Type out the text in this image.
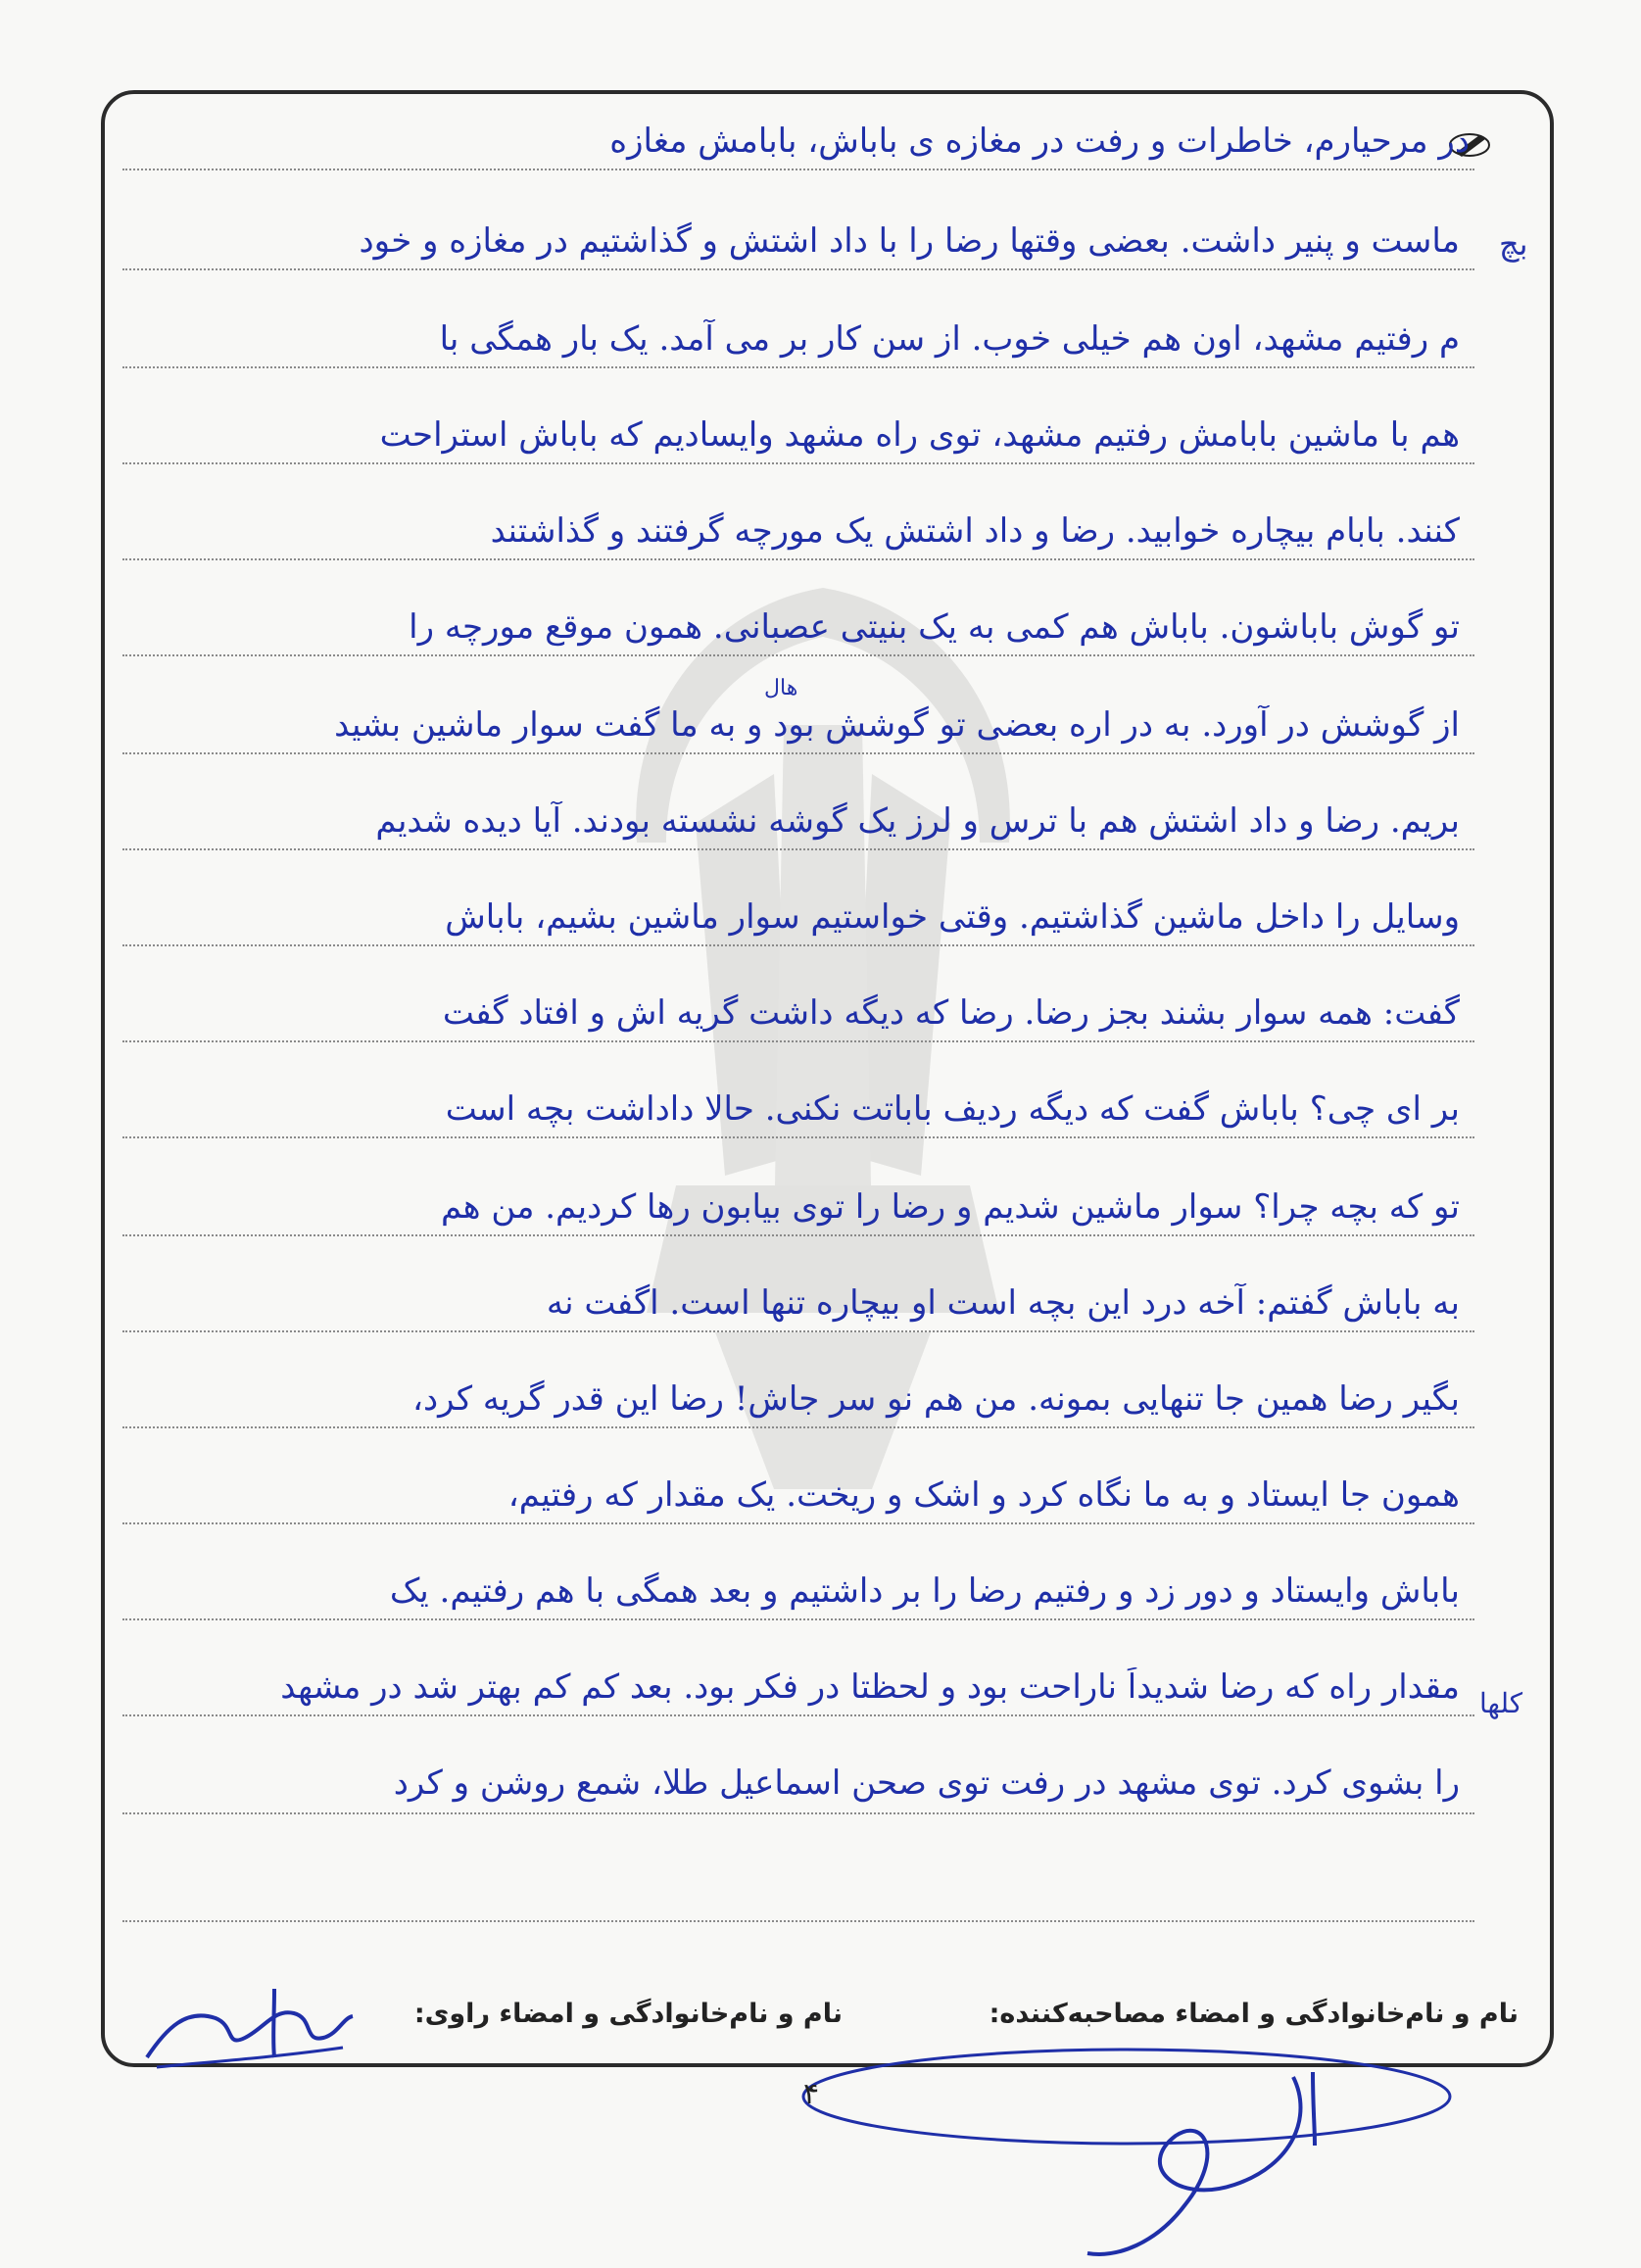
در مرحیارم، خاطرات و رفت در مغازه ی باباش، بابامش مغازه
ماست و پنیر داشت. بعضی وقتها رضا را با داد اشتش و گذاشتیم در مغازه و خود
م رفتیم مشهد، اون هم خیلی خوب. از سن کار بر می آمد. یک بار همگی با
هم با ماشین بابامش رفتیم مشهد، توی راه مشهد وایسادیم که باباش استراحت
کنند. بابام بیچاره خوابید. رضا و داد اشتش یک مورچه گرفتند و گذاشتند
تو گوش باباشون. باباش هم کمی به یک بنیتی عصبانی. همون موقع مورچه را
از گوشش در آورد. به در اره بعضی تو گوشش بود و به ما گفت سوار ماشین بشید
بریم. رضا و داد اشتش هم با ترس و لرز یک گوشه نشسته بودند. آیا دیده شدیم
وسایل را داخل ماشین گذاشتیم. وقتی خواستیم سوار ماشین بشیم، باباش
گفت: همه سوار بشند بجز رضا. رضا که دیگه داشت گریه اش و افتاد گفت
بر ای چی؟ باباش گفت که دیگه ردیف باباتت نکنی. حالا داداشت بچه است
تو که بچه چرا؟ سوار ماشین شدیم و رضا را توی بیابون رها کردیم. من هم
به باباش گفتم: آخه درد این بچه است او بیچاره تنها است. اگفت نه
بگیر رضا همین جا تنهایی بمونه. من هم نو سر جاش! رضا این قدر گریه کرد،
همون جا ایستاد و به ما نگاه کرد و اشک و ریخت. یک مقدار که رفتیم،
باباش وایستاد و دور زد و رفتیم رضا را بر داشتیم و بعد همگی با هم رفتیم. یک
مقدار راه که رضا شدیداً ناراحت بود و لحظتا در فکر بود. بعد کم کم بهتر شد در مشهد
را بشوی کرد. توی مشهد در رفت توی صحن اسماعیل طلا، شمع روشن و کرد
بچ
کلها
هال
نام و نام‌خانوادگی و امضاء راوی:	نام و نام‌خانوادگی و امضاء مصاحبه‌کننده:
۴
